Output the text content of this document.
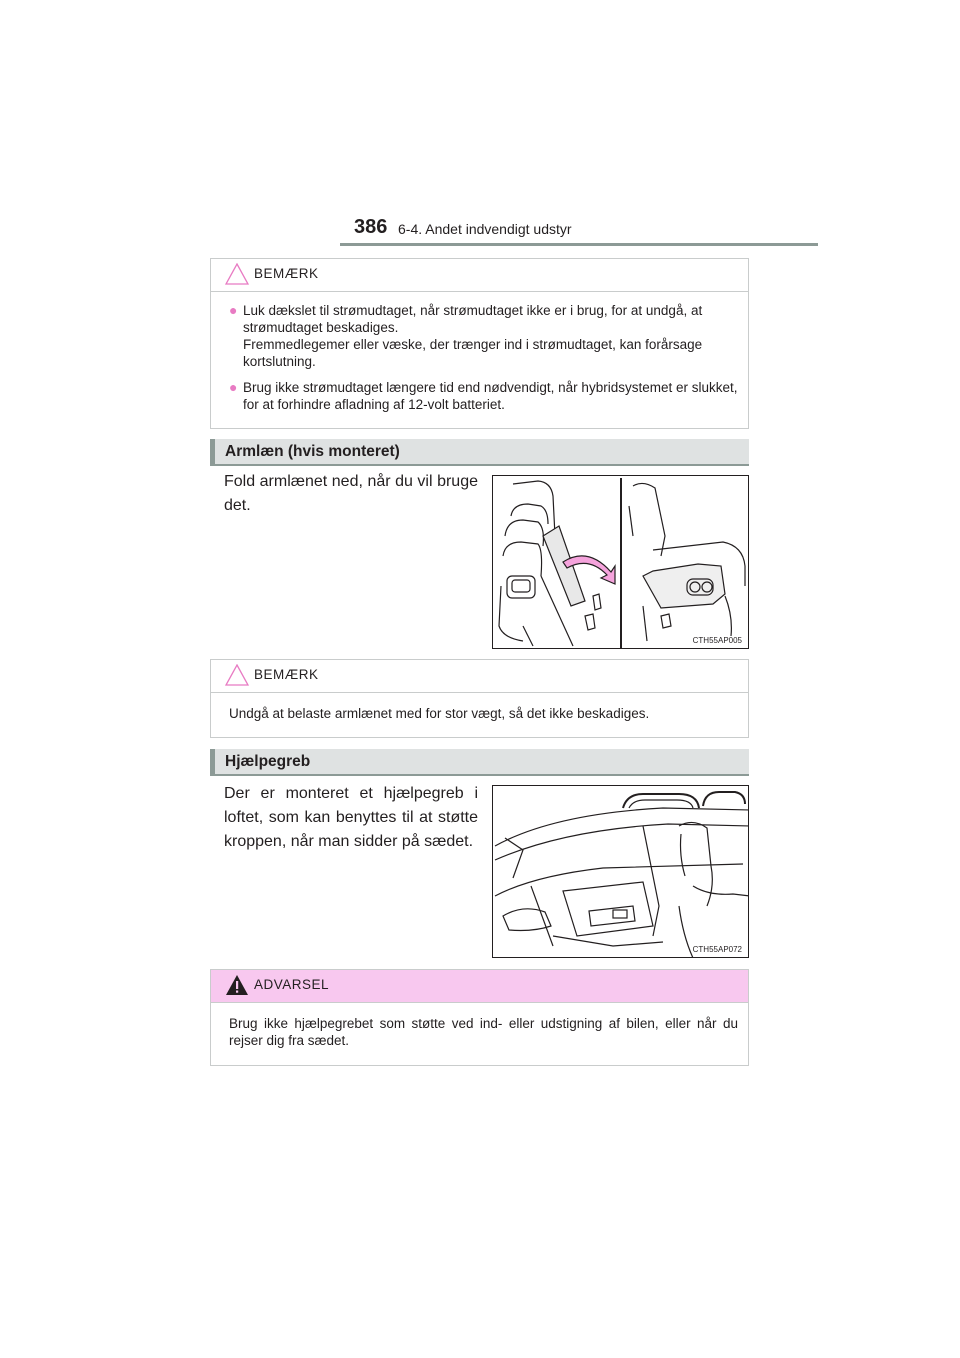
386 6-4. Andet indvendigt udstyr
BEMÆRK
● Luk dækslet til strømudtaget, når strømudtaget ikke er i brug, for at undgå, at strømudtaget beskadiges.

Fremmedlegemer eller væske, der trænger ind i strømudtaget, kan forårsage kortslutning.

● Brug ikke strømudtaget længere tid end nødvendigt, når hybridsystemet er slukket, for at forhindre afladning af 12-volt batteriet.

Armlæn (hvis monteret)
Fold armlænet ned, når du vil bruge det.
CTH55AP005
BEMÆRK

Undgå at belaste armlænet med for stor vægt, så det ikke beskadiges.

Hjælpegreb
Der er monteret et hjælpegreb i loftet, som kan benyttes til at støtte kroppen, når man sidder på sædet.
CTH55AP072
ADVARSEL

Brug ikke hjælpegrebet som støtte ved ind- eller udstigning af bilen, eller når du rejser dig fra sædet.
